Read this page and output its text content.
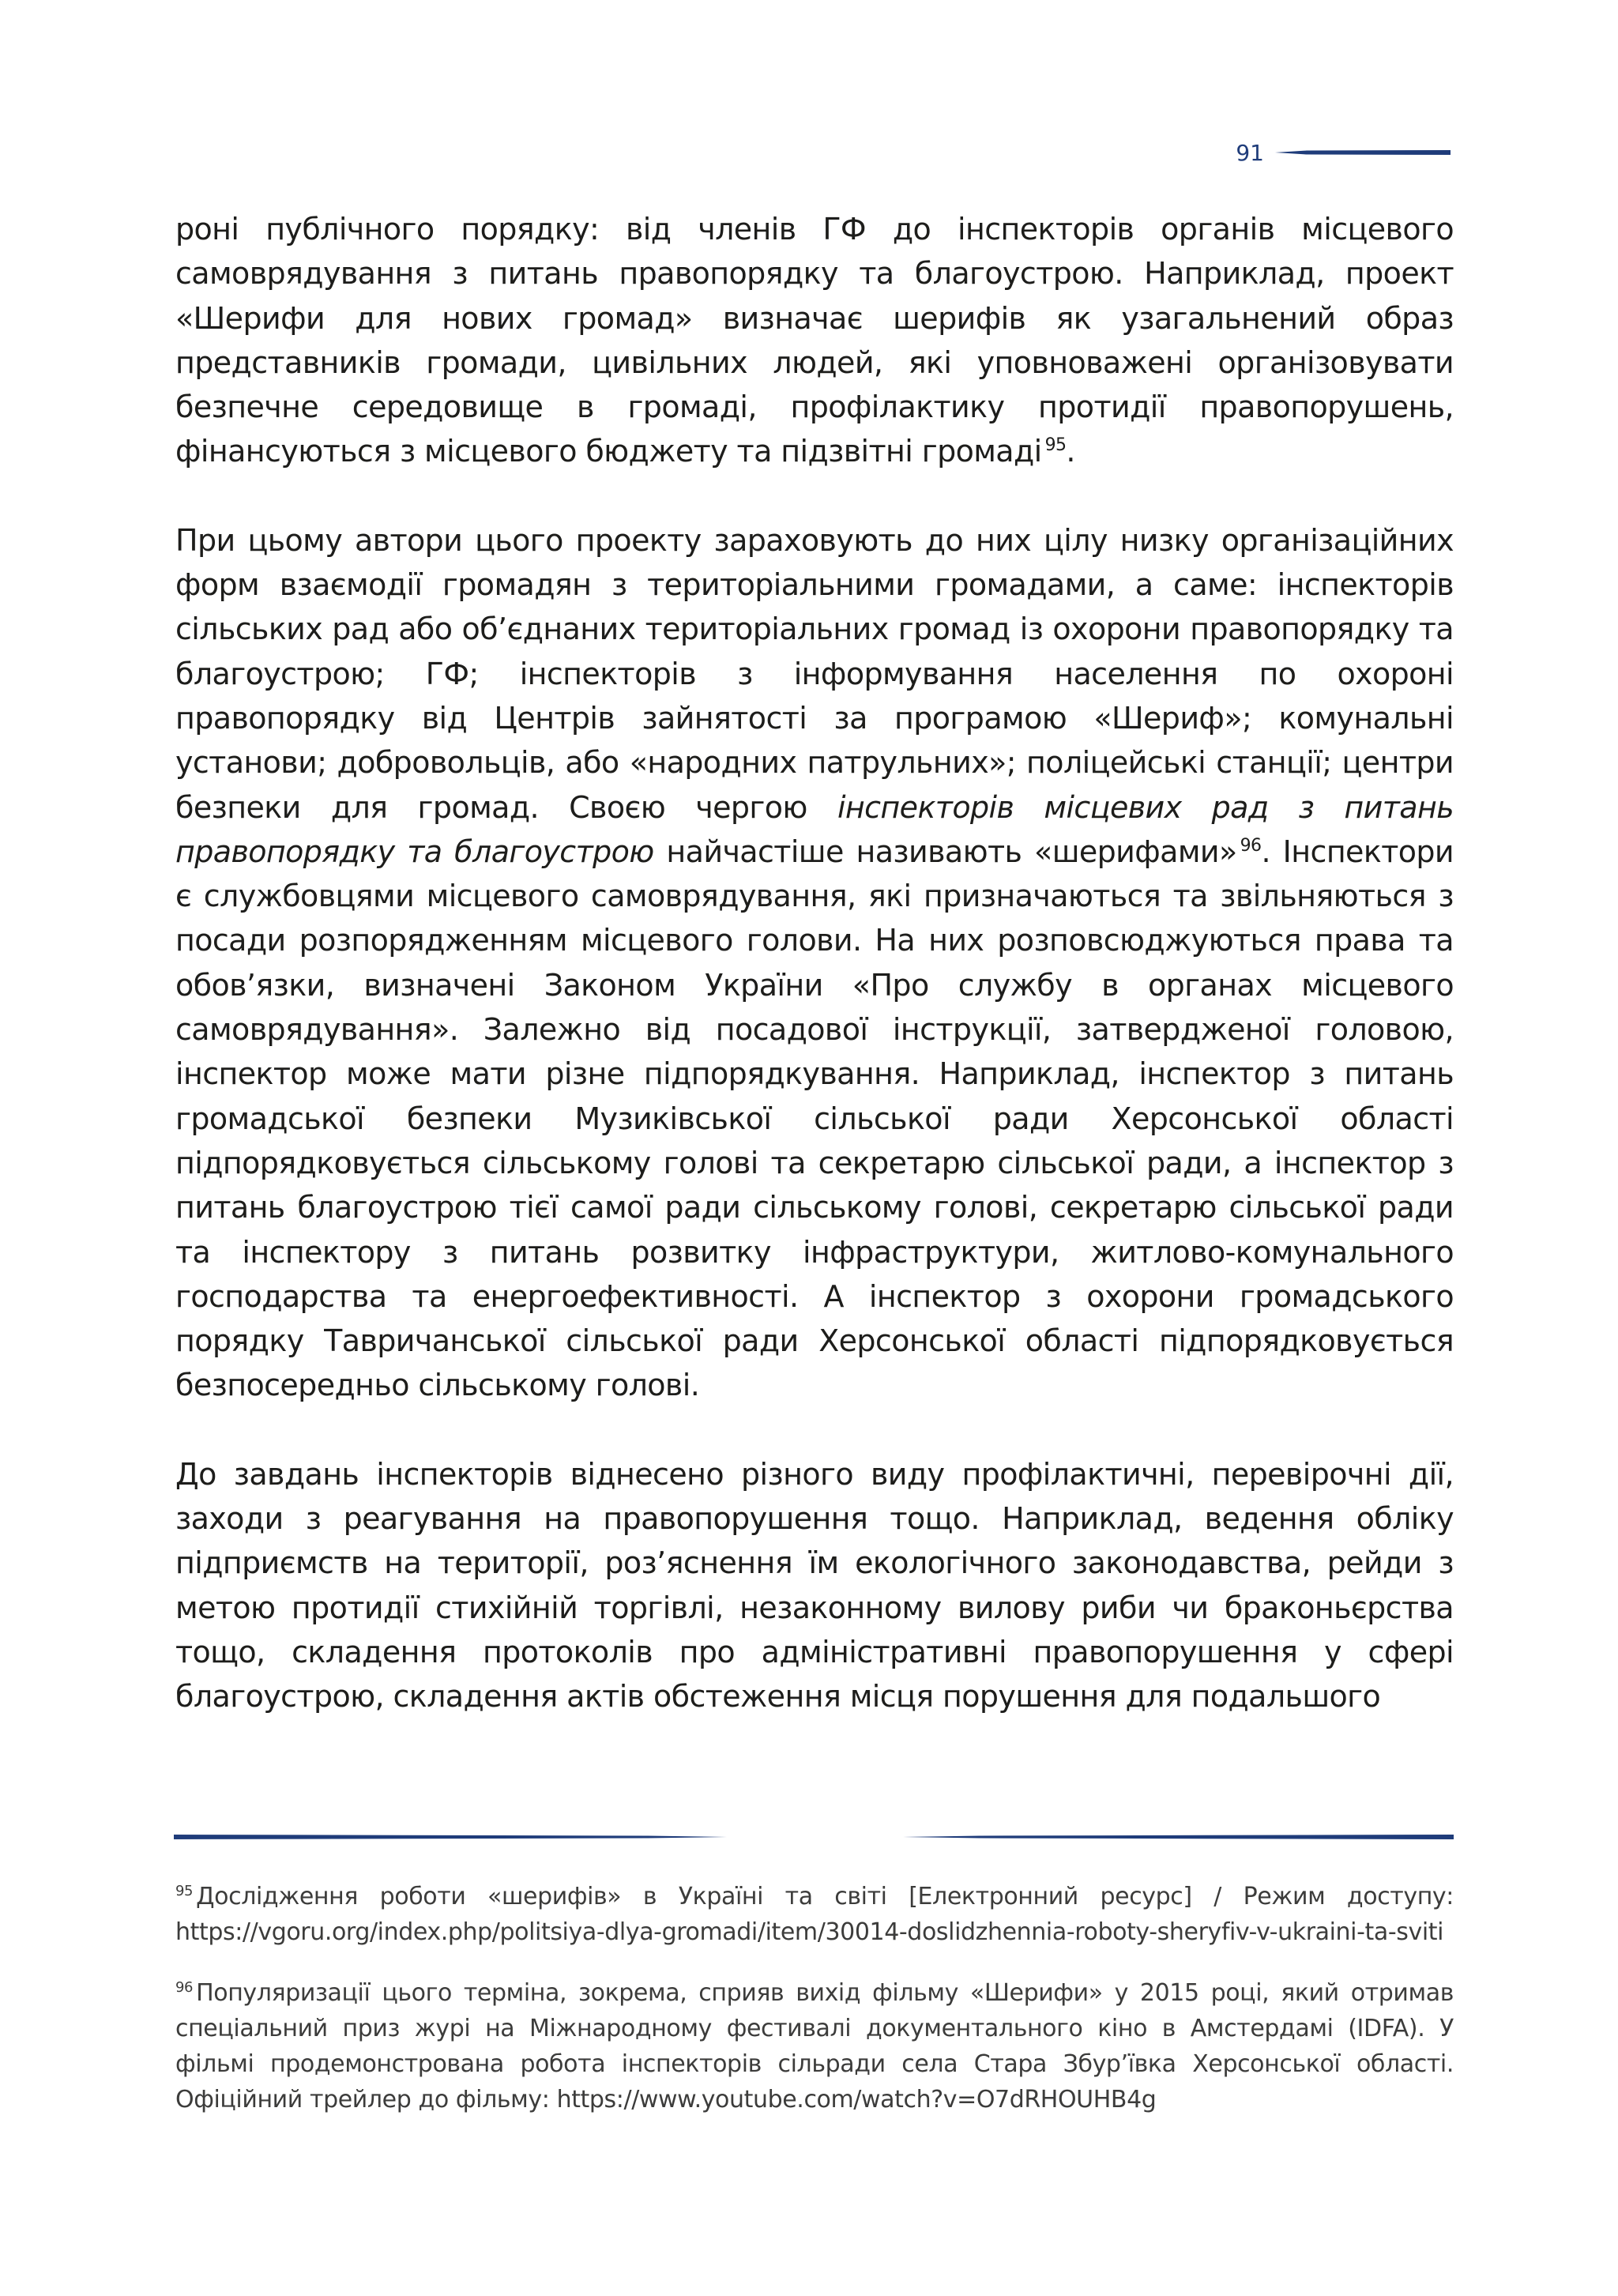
91

роні публічного порядку: від членів ГФ до інспекторів органів місцевого самоврядування з питань правопорядку та благоустрою. Наприклад, проект «Шерифи для нових громад» визначає шерифів як узагальнений образ представників громади, цивільних людей, які уповноважені організовувати безпечне середовище в громаді, профілактику протидії правопорушень, фінансуються з місцевого бюджету та підзвітні громаді $^{95}$.

При цьому автори цього проекту зараховують до них цілу низку організаційних форм взаємодії громадян з територіальними громадами, а саме: інспекторів сільських рад або об’єднаних територіальних громад із охорони правопорядку та благоустрою; ГФ; інспекторів з інформування населення по охороні правопорядку від Центрів зайнятості за програмою «Шериф»; комунальні установи; добровольців, або «народних патрульних»; поліцейські станції; центри безпеки для громад. Своєю чергою інспекторів місцевих рад з питань правопорядку та благоустрою найчастіше називають «шерифами» $^{96}$. Інспектори є службовцями місцевого самоврядування, які призначаються та звільняються з посади розпорядженням місцевого голови. На них розповсюджуються права та обов’язки, визначені Законом України «Про службу в органах місцевого самоврядування». Залежно від посадової інструкції, затвердженої головою, інспектор може мати різне підпорядкування. Наприклад, інспектор з питань громадської безпеки Музиківської сільської ради Херсонської області підпорядковується сільському голові та секретарю сільської ради, а інспектор з питань благоустрою тієї самої ради сільському голові, секретарю сільської ради та інспектору з питань розвитку інфраструктури, житлово-комунального господарства та енергоефективності. А інспектор з охорони громадського порядку Тавричанської сільської ради Херсонської області підпорядковується безпосередньо сільському голові.

До завдань інспекторів віднесено різного виду профілактичні, перевірочні дії, заходи з реагування на правопорушення тощо. Наприклад, ведення обліку підприємств на території, роз’яснення їм екологічного законодавства, рейди з метою протидії стихійній торгівлі, незаконному вилову риби чи браконьєрства тощо, складення протоколів про адміністративні правопорушення у сфері благоустрою, складення актів обстеження місця порушення для подальшого

$^{95}$ Дослідження роботи «шерифів» в Україні та світі [Електронний ресурс] / Режим доступу: https://vgoru.org/index.php/politsiya-dlya-gromadi/item/30014-doslidzhennia-roboty-sheryfiv-v-ukraini-ta-sviti

$^{96}$ Популяризації цього терміна, зокрема, сприяв вихід фільму «Шерифи» у 2015 році, який отримав спеціальний приз журі на Міжнародному фестивалі документального кіно в Амстердамі (IDFA). У фільмі продемонстрована робота інспекторів сільради села Стара Збур’ївка Херсонської області. Офіційний трейлер до фільму: https://www.youtube.com/watch?v=O7dRHOUHB4g
